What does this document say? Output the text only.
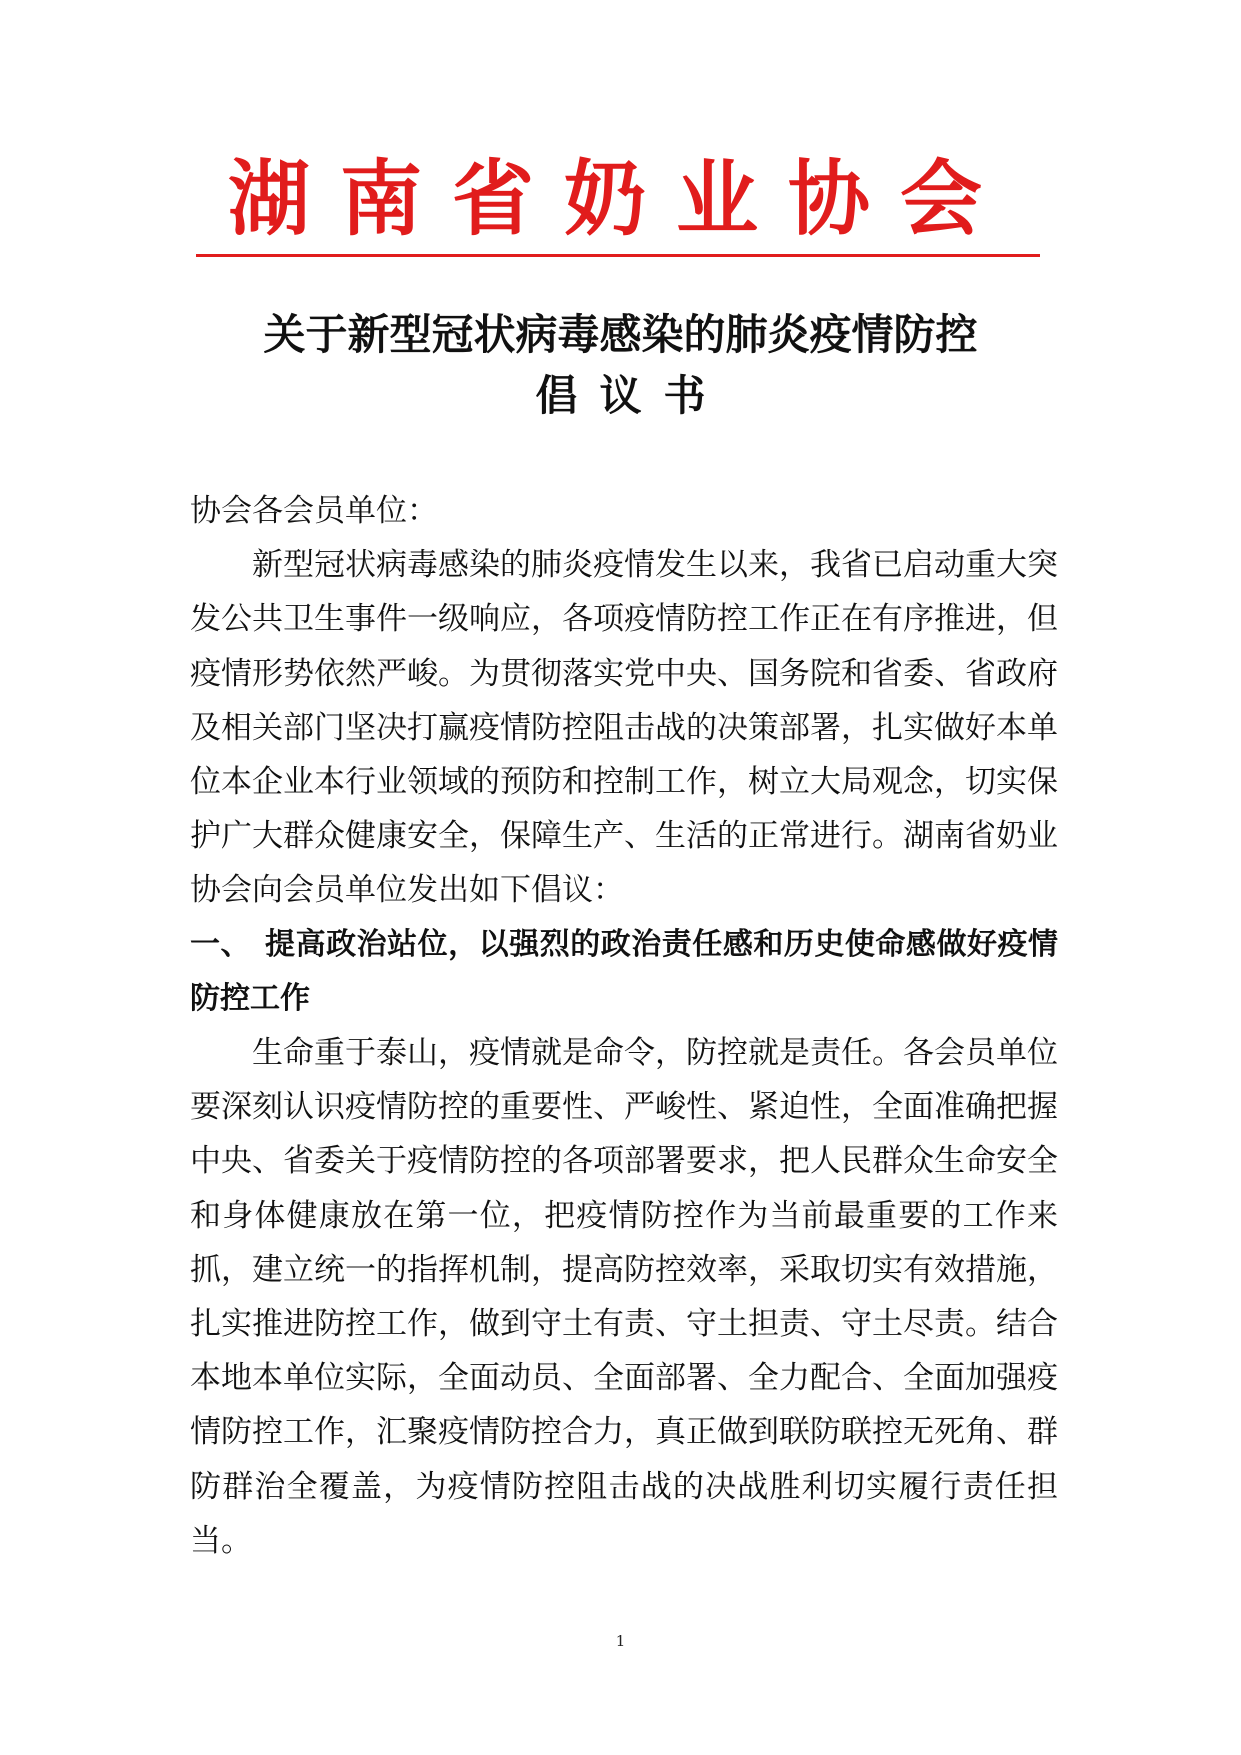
湖南省奶业协会
关于新型冠状病毒感染的肺炎疫情防控
倡议书

协会各会员单位：

新型冠状病毒感染的肺炎疫情发生以来，我省已启动重大突发公共卫生事件一级响应，各项疫情防控工作正在有序推进，但疫情形势依然严峻。为贯彻落实党中央、国务院和省委、省政府及相关部门坚决打赢疫情防控阻击战的决策部署，扎实做好本单位本企业本行业领域的预防和控制工作，树立大局观念，切实保护广大群众健康安全，保障生产、生活的正常进行。湖南省奶业协会向会员单位发出如下倡议：

一、 提高政治站位，以强烈的政治责任感和历史使命感做好疫情防控工作

生命重于泰山，疫情就是命令，防控就是责任。各会员单位要深刻认识疫情防控的重要性、严峻性、紧迫性，全面准确把握中央、省委关于疫情防控的各项部署要求，把人民群众生命安全和身体健康放在第一位，把疫情防控作为当前最重要的工作来抓，建立统一的指挥机制，提高防控效率，采取切实有效措施，扎实推进防控工作，做到守土有责、守土担责、守土尽责。结合本地本单位实际，全面动员、全面部署、全力配合、全面加强疫情防控工作，汇聚疫情防控合力，真正做到联防联控无死角、群防群治全覆盖，为疫情防控阻击战的决战胜利切实履行责任担当。

1
